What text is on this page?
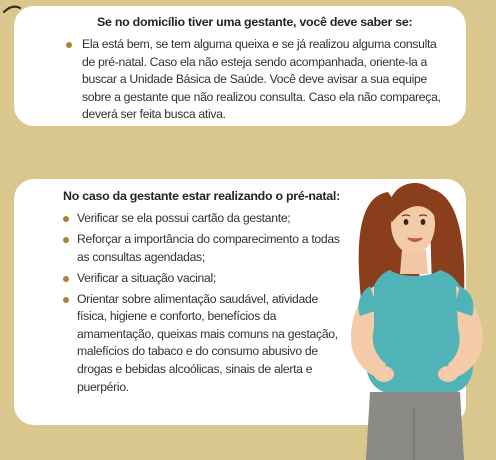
Se no domicílio tiver uma gestante, você deve saber se:
Ela está bem, se tem alguma queixa e se já realizou alguma consulta de pré-natal. Caso ela não esteja sendo acompanhada, oriente-la a buscar a Unidade Básica de Saúde. Você deve avisar a sua equipe sobre a gestante que não realizou consulta. Caso ela não compareça, deverá ser feita busca ativa.
No caso da gestante estar realizando o pré-natal:
Verificar se ela possui cartão da gestante;
Reforçar a importância do comparecimento a todas as consultas agendadas;
Verificar a situação vacinal;
Orientar sobre alimentação saudável, atividade física, higiene e conforto, benefícios da amamentação, queixas mais comuns na gestação, malefícios do tabaco e do consumo abusivo de drogas e bebidas alcoólicas, sinais de alerta e puerpério.
